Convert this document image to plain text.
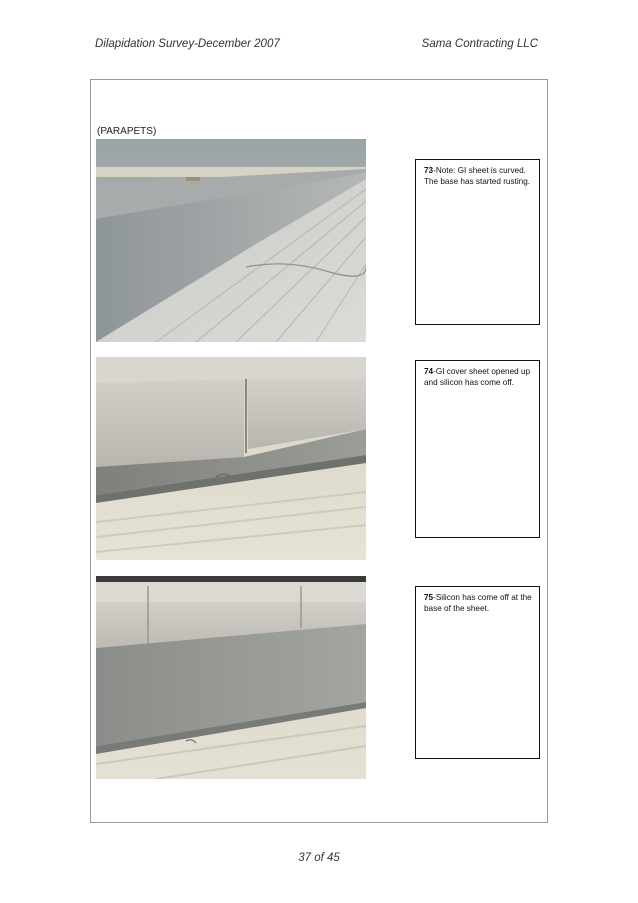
Dilapidation Survey-December 2007	Sama Contracting LLC
(PARAPETS)
73-Note: GI sheet is curved. The base has started rusting.
74-GI cover sheet opened up and silicon has come off.
75-Silicon has come off at the base of the sheet.
37 of 45
